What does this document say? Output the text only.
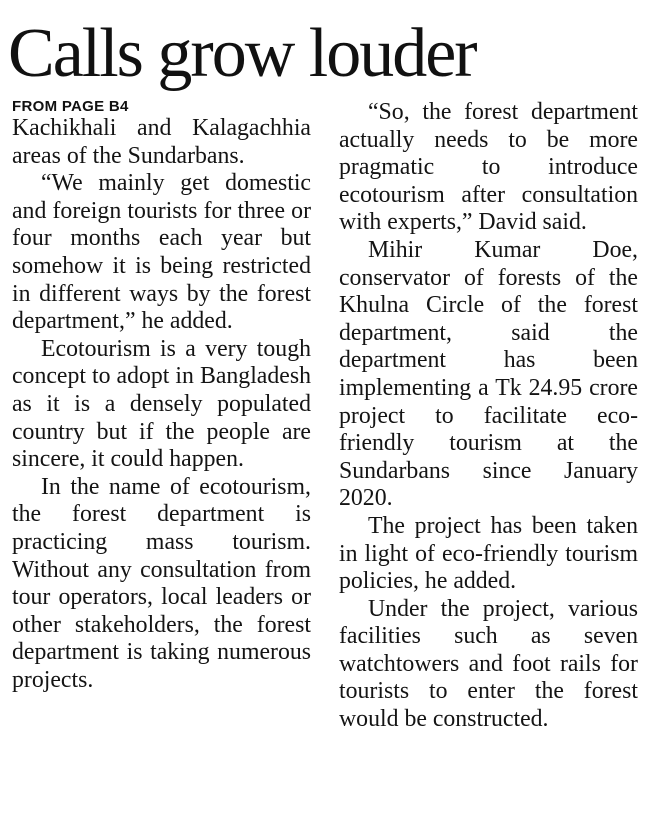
Calls grow louder
FROM PAGE B4

Kachikhali and Kalagachhia areas of the Sundarbans.

“We mainly get domestic and foreign tourists for three or four months each year but somehow it is being restricted in different ways by the forest department,” he added.

Ecotourism is a very tough concept to adopt in Bangladesh as it is a densely populated country but if the people are sincere, it could happen.

In the name of ecotourism, the forest department is practicing mass tourism. Without any consultation from tour operators, local leaders or other stakeholders, the forest department is taking numerous projects.

“So, the forest department actually needs to be more pragmatic to introduce ecotourism after consultation with experts,” David said.

Mihir Kumar Doe, conservator of forests of the Khulna Circle of the forest department, said the department has been implementing a Tk 24.95 crore project to facilitate eco-friendly tourism at the Sundarbans since January 2020.

The project has been taken in light of eco-friendly tourism policies, he added.

Under the project, various facilities such as seven watchtowers and foot rails for tourists to enter the forest would be constructed.
